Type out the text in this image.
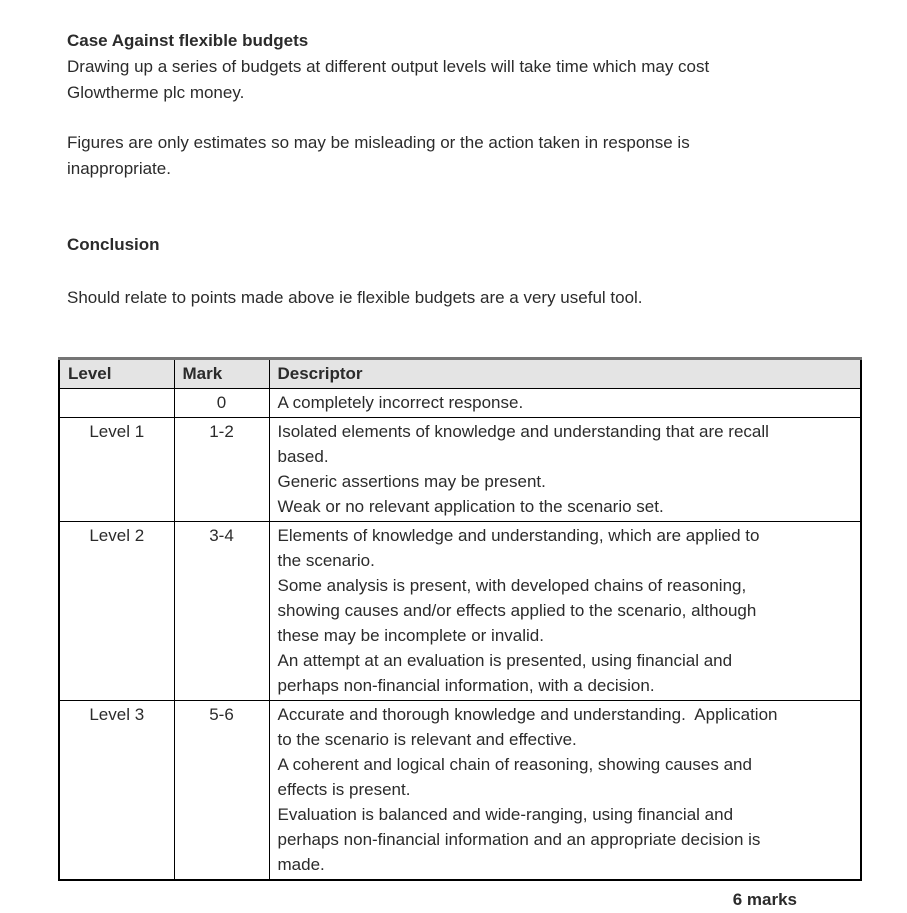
Case Against flexible budgets
Drawing up a series of budgets at different output levels will take time which may cost
Glowtherme plc money.
Figures are only estimates so may be misleading or the action taken in response is
inappropriate.
Conclusion
Should relate to points made above ie flexible budgets are a very useful tool.
Level	Mark	Descriptor
	0	A completely incorrect response.

Level 1	1-2	Isolated elements of knowledge and understanding that are recall
based.
Generic assertions may be present.
Weak or no relevant application to the scenario set.

Level 2	3-4	Elements of knowledge and understanding, which are applied to
the scenario.
Some analysis is present, with developed chains of reasoning,
showing causes and/or effects applied to the scenario, although
these may be incomplete or invalid.
An attempt at an evaluation is presented, using financial and
perhaps non-financial information, with a decision.

Level 3	5-6	Accurate and thorough knowledge and understanding.  Application
to the scenario is relevant and effective.
A coherent and logical chain of reasoning, showing causes and
effects is present.
Evaluation is balanced and wide-ranging, using financial and
perhaps non-financial information and an appropriate decision is
made.
6 marks
